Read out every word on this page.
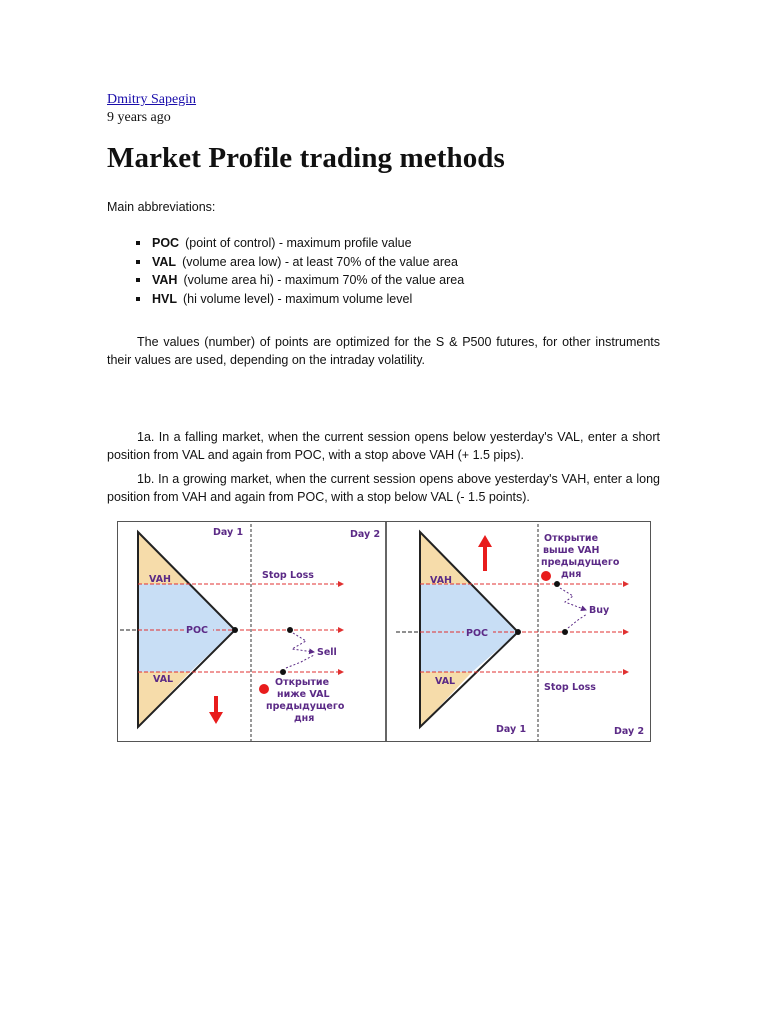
Dmitry Sapegin
9 years ago
Market Profile trading methods
Main abbreviations:
POC (point of control) - maximum profile value
VAL (volume area low) - at least 70% of the value area
VAH (volume area hi) - maximum 70% of the value area
HVL (hi volume level) - maximum volume level
The values (number) of points are optimized for the S & P500 futures, for other instruments their values are used, depending on the intraday volatility.
1a. In a falling market, when the current session opens below yesterday's VAL, enter a short position from VAL and again from POC, with a stop above VAH (+ 1.5 pips).
1b. In a growing market, when the current session opens above yesterday's VAH, enter a long position from VAH and again from POC, with a stop below VAL (- 1.5 points).
Day 1	Day 2
VAH
POC
VAL
Stop Loss
Sell
Открытие
ниже VAL
предыдущего
дня
VAH
POC
VAL
Stop Loss
Buy
Day 1	Day 2
Открытие
выше VAH
предыдущего
дня
